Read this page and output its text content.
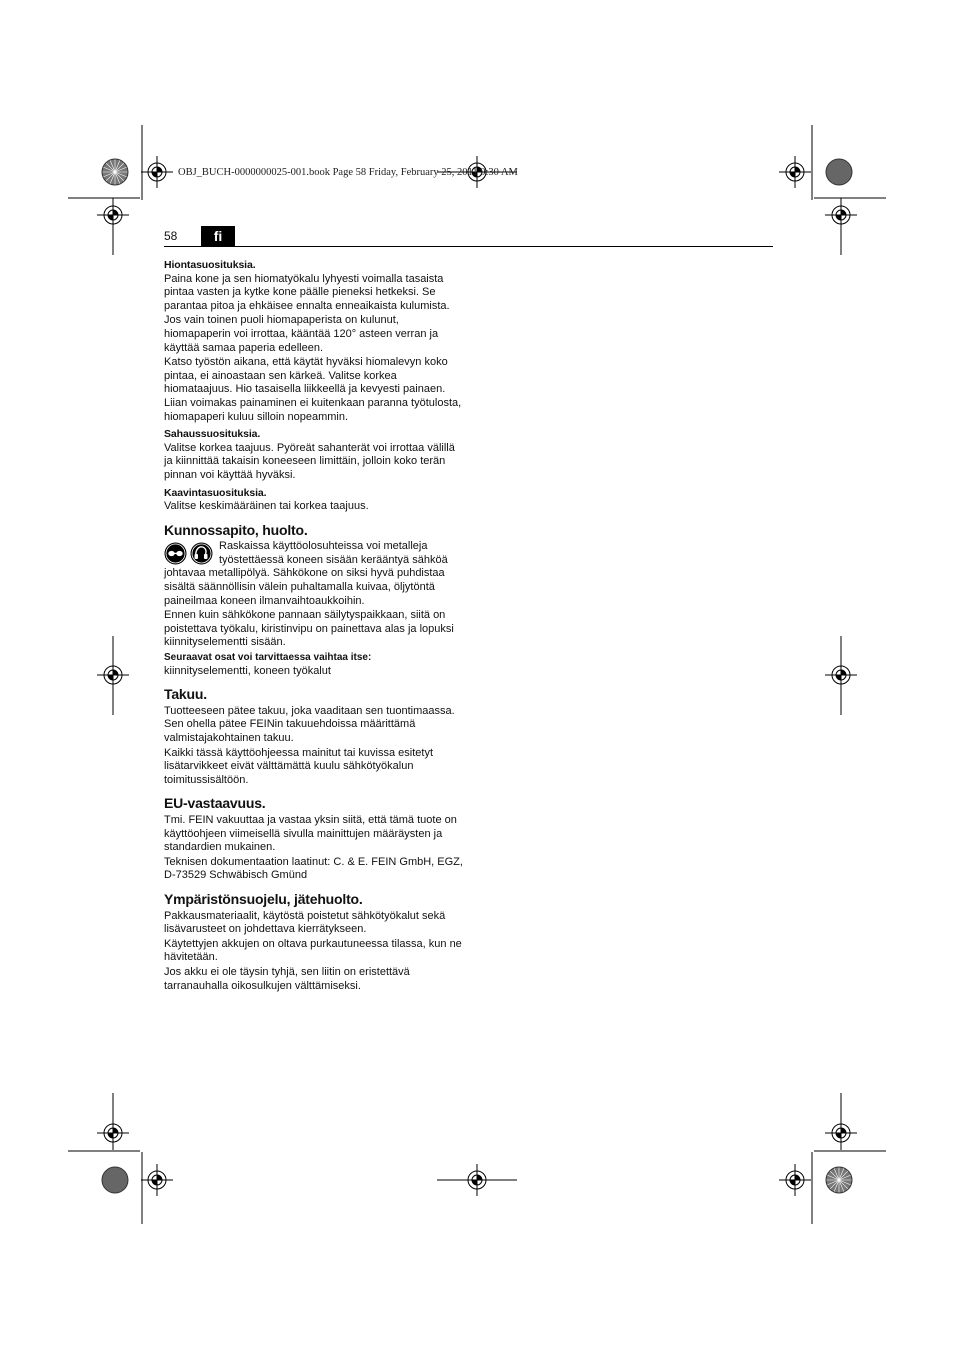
OBJ_BUCH-0000000025-001.book Page 58 Friday, February 25, 2011 9:30 AM
58	fi
Hiontasuosituksia.

Paina kone ja sen hiomatyökalu lyhyesti voimalla tasaista pintaa vasten ja kytke kone päälle pieneksi hetkeksi. Se parantaa pitoa ja ehkäisee ennalta enneaikaista kulumista.

Jos vain toinen puoli hiomapaperista on kulunut, hiomapaperin voi irrottaa, kääntää 120° asteen verran ja käyttää samaa paperia edelleen.

Katso työstön aikana, että käytät hyväksi hiomalevyn koko pintaa, ei ainoastaan sen kärkeä. Valitse korkea hiomataajuus. Hio tasaisella liikkeellä ja kevyesti painaen. Liian voimakas painaminen ei kuitenkaan paranna työtulosta, hiomapaperi kuluu silloin nopeammin.

Sahaussuosituksia.

Valitse korkea taajuus. Pyöreät sahanterät voi irrottaa välillä ja kiinnittää takaisin koneeseen limittäin, jolloin koko terän pinnan voi käyttää hyväksi.

Kaavintasuosituksia.

Valitse keskimääräinen tai korkea taajuus.

Kunnossapito, huolto.

Raskaissa käyttöolosuhteissa voi metalleja työstettäessä koneen sisään kerääntyä sähköä johtavaa metallipölyä. Sähkökone on siksi hyvä puhdistaa sisältä säännöllisin välein puhaltamalla kuivaa, öljytöntä paineilmaa koneen ilmanvaihtoaukkoihin.

Ennen kuin sähkökone pannaan säilytyspaikkaan, siitä on poistettava työkalu, kiristinvipu on painettava alas ja lopuksi kiinnityselementti sisään.

Seuraavat osat voi tarvittaessa vaihtaa itse:

kiinnityselementti, koneen työkalut

Takuu.

Tuotteeseen pätee takuu, joka vaaditaan sen tuontimaassa. Sen ohella pätee FEINin takuuehdoissa määrittämä valmistajakohtainen takuu.

Kaikki tässä käyttöohjeessa mainitut tai kuvissa esitetyt lisätarvikkeet eivät välttämättä kuulu sähkötyökalun toimitussisältöön.

EU-vastaavuus.

Tmi. FEIN vakuuttaa ja vastaa yksin siitä, että tämä tuote on käyttöohjeen viimeisellä sivulla mainittujen määräysten ja standardien mukainen.

Teknisen dokumentaation laatinut: C. & E. FEIN GmbH, EGZ, D-73529 Schwäbisch Gmünd

Ympäristönsuojelu, jätehuolto.

Pakkausmateriaalit, käytöstä poistetut sähkötyökalut sekä lisävarusteet on johdettava kierrätykseen.

Käytettyjen akkujen on oltava purkautuneessa tilassa, kun ne hävitetään.

Jos akku ei ole täysin tyhjä, sen liitin on eristettävä tarranauhalla oikosulkujen välttämiseksi.
